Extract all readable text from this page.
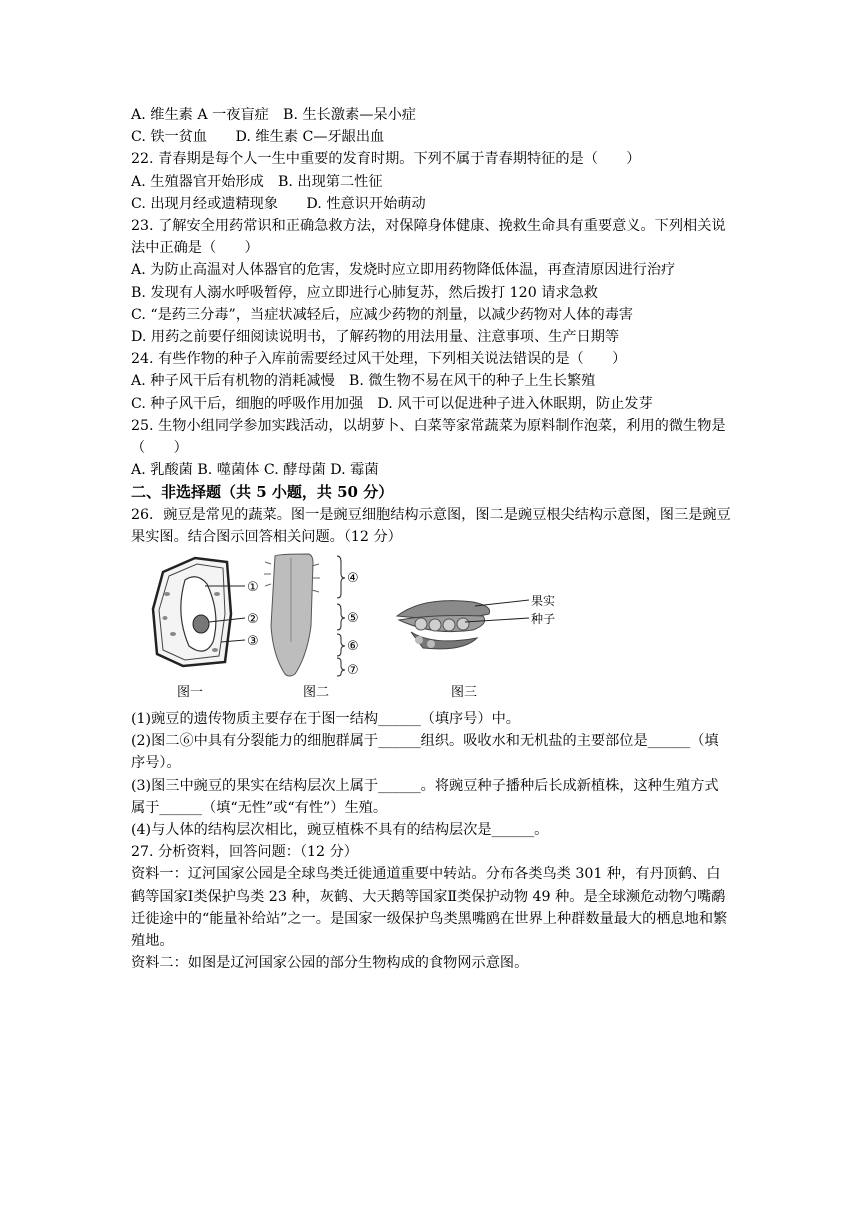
A. 维生素 A 一夜盲症　B. 生长激素—呆小症
C. 铁一贫血　　D. 维生素 C—牙龈出血
22. 青春期是每个人一生中重要的发育时期。下列不属于青春期特征的是（　　）
A. 生殖器官开始形成　B. 出现第二性征
C. 出现月经或遗精现象　　D. 性意识开始萌动
23. 了解安全用药常识和正确急救方法，对保障身体健康、挽救生命具有重要意义。下列相关说法中正确是（　　）
A. 为防止高温对人体器官的危害，发烧时应立即用药物降低体温，再查清原因进行治疗
B. 发现有人溺水呼吸暂停，应立即进行心肺复苏，然后拨打 120 请求急救
C. “是药三分毒”，当症状减轻后，应减少药物的剂量，以减少药物对人体的毒害
D. 用药之前要仔细阅读说明书，了解药物的用法用量、注意事项、生产日期等
24. 有些作物的种子入库前需要经过风干处理，下列相关说法错误的是（　　）
A. 种子风干后有机物的消耗减慢　B. 微生物不易在风干的种子上生长繁殖
C. 种子风干后，细胞的呼吸作用加强　D. 风干可以促进种子进入休眠期，防止发芽
25. 生物小组同学参加实践活动，以胡萝卜、白菜等家常蔬菜为原料制作泡菜，利用的微生物是（　　）
A. 乳酸菌 B. 噬菌体 C. 酵母菌 D. 霉菌
二、非选择题（共 5 小题，共 50 分）
26．豌豆是常见的蔬菜。图一是豌豆细胞结构示意图，图二是豌豆根尖结构示意图，图三是豌豆果实图。结合图示回答相关问题。（12 分）
①
②
③
图一
④
⑤
⑥
⑦
图二
果实
种子
图三
(1)豌豆的遗传物质主要存在于图一结构______（填序号）中。
(2)图二⑥中具有分裂能力的细胞群属于______组织。吸收水和无机盐的主要部位是______（填序号）。
(3)图三中豌豆的果实在结构层次上属于______。将豌豆种子播种后长成新植株，这种生殖方式属于______（填“无性”或“有性”）生殖。
(4)与人体的结构层次相比，豌豆植株不具有的结构层次是______。
27. 分析资料，回答问题：（12 分）
资料一：辽河国家公园是全球鸟类迁徙通道重要中转站。分布各类鸟类 301 种，有丹顶鹤、白鹤等国家Ⅰ类保护鸟类 23 种，灰鹤、大天鹅等国家Ⅱ类保护动物 49 种。是全球濒危动物勺嘴鹬迁徙途中的“能量补给站”之一。是国家一级保护鸟类黑嘴鸥在世界上种群数量最大的栖息地和繁殖地。
资料二：如图是辽河国家公园的部分生物构成的食物网示意图。
